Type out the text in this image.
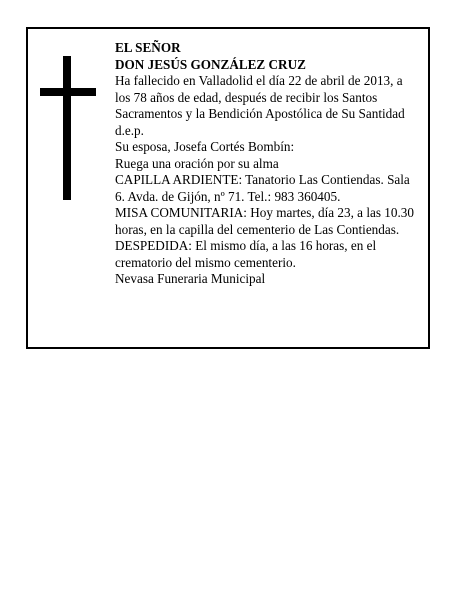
EL SEÑOR

DON JESÚS GONZÁLEZ CRUZ

Ha fallecido en Valladolid el día 22 de abril de 2013, a los 78 años de edad, después de recibir los Santos Sacramentos y la Bendición Apostólica de Su Santidad d.e.p.

Su esposa, Josefa Cortés Bombín:

Ruega una oración por su alma

CAPILLA ARDIENTE: Tanatorio Las Contiendas. Sala 6. Avda. de Gijón, nº 71. Tel.: 983 360405.

MISA COMUNITARIA: Hoy martes, día 23, a las 10.30 horas, en la capilla del cementerio de Las Contiendas. DESPEDIDA: El mismo día, a las 16 horas, en el crematorio del mismo cementerio.

Nevasa Funeraria Municipal
